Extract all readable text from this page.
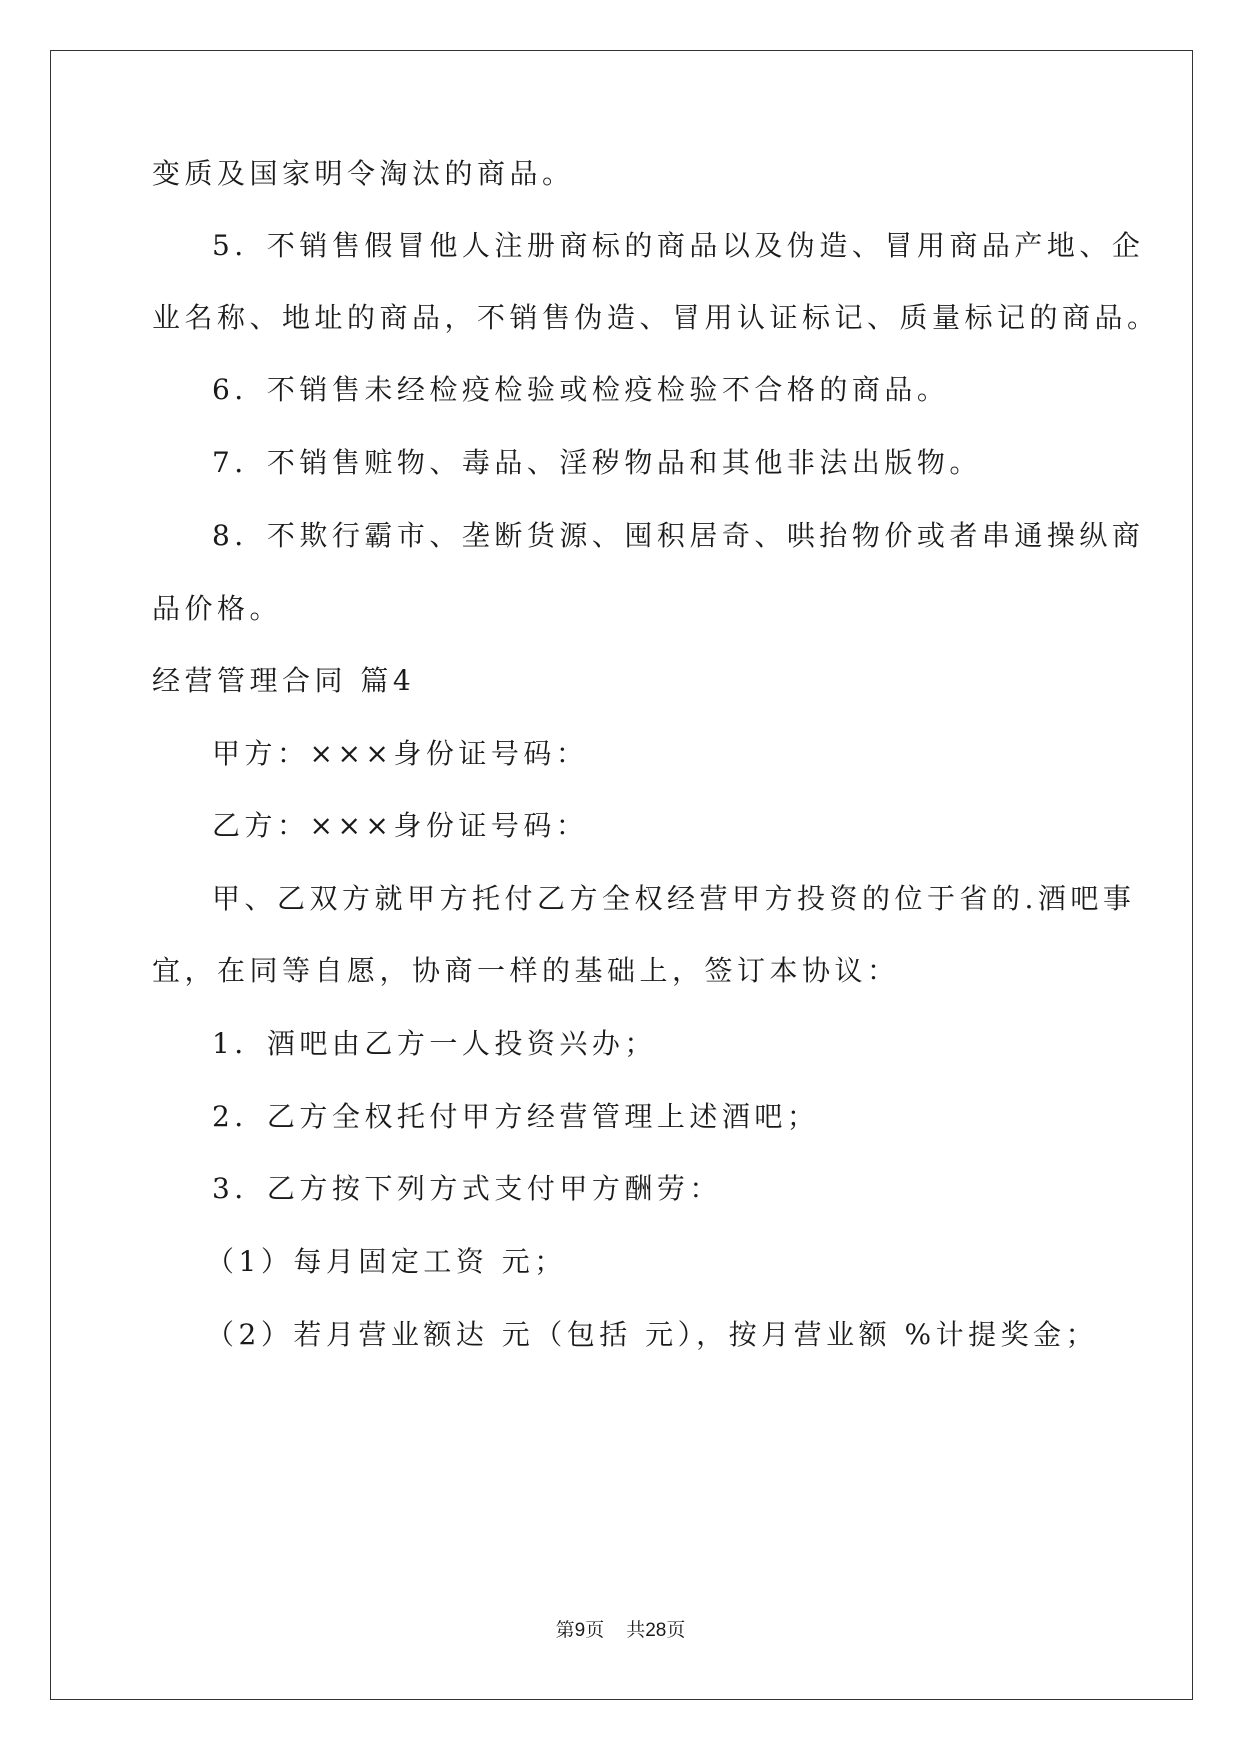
变质及国家明令淘汰的商品。
5．不销售假冒他人注册商标的商品以及伪造、冒用商品产地、企
业名称、地址的商品，不销售伪造、冒用认证标记、质量标记的商品。
6．不销售未经检疫检验或检疫检验不合格的商品。
7．不销售赃物、毒品、淫秽物品和其他非法出版物。
8．不欺行霸市、垄断货源、囤积居奇、哄抬物价或者串通操纵商
品价格。
经营管理合同 篇4
甲方：×××身份证号码：
乙方：×××身份证号码：
甲、乙双方就甲方托付乙方全权经营甲方投资的位于省的.酒吧事
宜，在同等自愿，协商一样的基础上，签订本协议：
1．酒吧由乙方一人投资兴办；
2．乙方全权托付甲方经营管理上述酒吧；
3．乙方按下列方式支付甲方酬劳：
（1）每月固定工资 元；
（2）若月营业额达 元（包括 元），按月营业额 %计提奖金；
第9页 共28页
